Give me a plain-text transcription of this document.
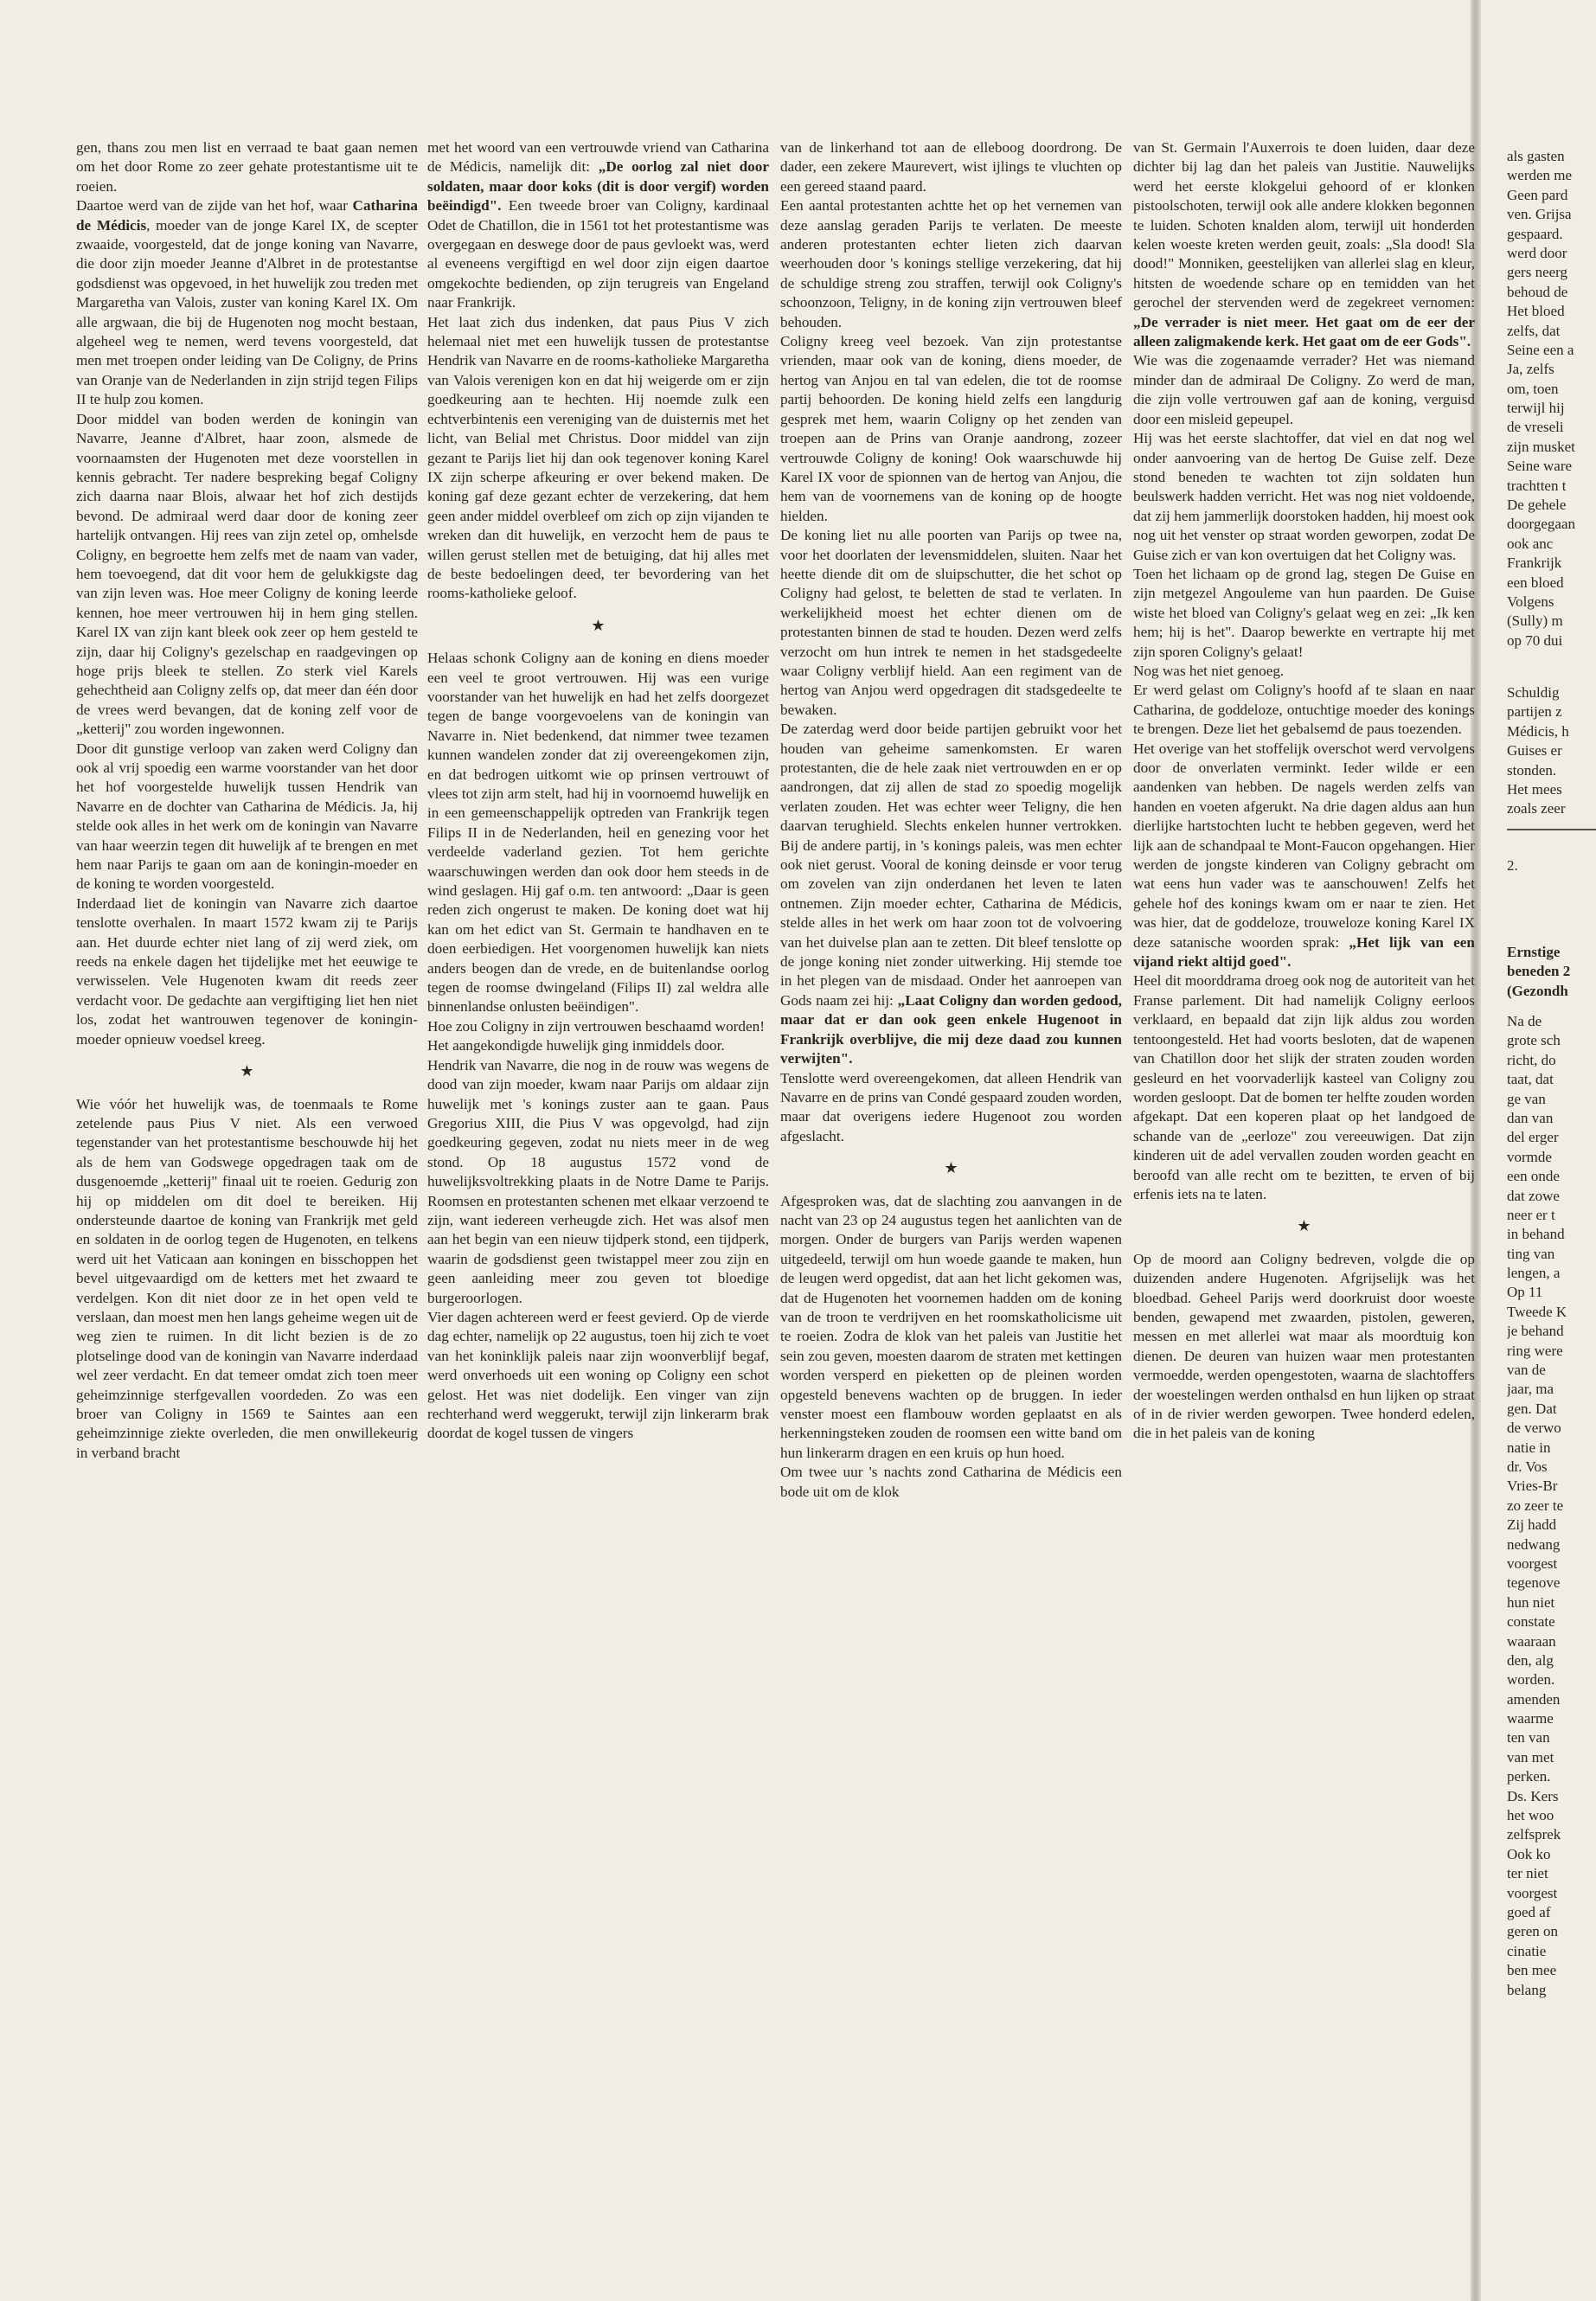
gen, thans zou men list en verraad te baat gaan nemen om het door Rome zo zeer gehate protestantisme uit te roeien.

Daartoe werd van de zijde van het hof, waar Catharina de Médicis, moeder van de jonge Karel IX, de scepter zwaaide, voorgesteld, dat de jonge koning van Navarre, die door zijn moeder Jeanne d'Albret in de protestantse godsdienst was opgevoed, in het huwelijk zou treden met Margaretha van Valois, zuster van koning Karel IX. Om alle argwaan, die bij de Hugenoten nog mocht bestaan, algeheel weg te nemen, werd tevens voorgesteld, dat men met troepen onder leiding van De Coligny, de Prins van Oranje van de Nederlanden in zijn strijd tegen Filips II te hulp zou komen.

Door middel van boden werden de koningin van Navarre, Jeanne d'Albret, haar zoon, alsmede de voornaamsten der Hugenoten met deze voorstellen in kennis gebracht. Ter nadere bespreking begaf Coligny zich daarna naar Blois, alwaar het hof zich destijds bevond. De admiraal werd daar door de koning zeer hartelijk ontvangen. Hij rees van zijn zetel op, omhelsde Coligny, en begroette hem zelfs met de naam van vader, hem toevoegend, dat dit voor hem de gelukkigste dag van zijn leven was. Hoe meer Coligny de koning leerde kennen, hoe meer vertrouwen hij in hem ging stellen. Karel IX van zijn kant bleek ook zeer op hem gesteld te zijn, daar hij Coligny's gezelschap en raadgevingen op hoge prijs bleek te stellen. Zo sterk viel Karels gehechtheid aan Coligny zelfs op, dat meer dan één door de vrees werd bevangen, dat de koning zelf voor de „ketterij" zou worden ingewonnen.

Door dit gunstige verloop van zaken werd Coligny dan ook al vrij spoedig een warme voorstander van het door het hof voorgestelde huwelijk tussen Hendrik van Navarre en de dochter van Catharina de Médicis. Ja, hij stelde ook alles in het werk om de koningin van Navarre van haar weerzin tegen dit huwelijk af te brengen en met hem naar Parijs te gaan om aan de koningin-moeder en de koning te worden voorgesteld.

Inderdaad liet de koningin van Navarre zich daartoe tenslotte overhalen. In maart 1572 kwam zij te Parijs aan. Het duurde echter niet lang of zij werd ziek, om reeds na enkele dagen het tijdelijke met het eeuwige te verwisselen. Vele Hugenoten kwam dit reeds zeer verdacht voor. De gedachte aan vergiftiging liet hen niet los, zodat het wantrouwen tegenover de koningin-moeder opnieuw voedsel kreeg.

★

Wie vóór het huwelijk was, de toenmaals te Rome zetelende paus Pius V niet. Als een verwoed tegenstander van het protestantisme beschouwde hij het als de hem van Godswege opgedragen taak om de dusgenoemde „ketterij" finaal uit te roeien. Gedurig zon hij op middelen om dit doel te bereiken. Hij ondersteunde daartoe de koning van Frankrijk met geld en soldaten in de oorlog tegen de Hugenoten, en telkens werd uit het Vaticaan aan koningen en bisschoppen het bevel uitgevaardigd om de ketters met het zwaard te verdelgen. Kon dit niet door ze in het open veld te verslaan, dan moest men hen langs geheime wegen uit de weg zien te ruimen. In dit licht bezien is de zo plotselinge dood van de koningin van Navarre inderdaad wel zeer verdacht. En dat temeer omdat zich toen meer geheimzinnige sterfgevallen voordeden. Zo was een broer van Coligny in 1569 te Saintes aan een geheimzinnige ziekte overleden, die men onwillekeurig in verband bracht

met het woord van een vertrouwde vriend van Catharina de Médicis, namelijk dit: „De oorlog zal niet door soldaten, maar door koks (dit is door vergif) worden beëindigd". Een tweede broer van Coligny, kardinaal Odet de Chatillon, die in 1561 tot het protestantisme was overgegaan en deswege door de paus gevloekt was, werd al eveneens vergiftigd en wel door zijn eigen daartoe omgekochte bedienden, op zijn terugreis van Engeland naar Frankrijk.

Het laat zich dus indenken, dat paus Pius V zich helemaal niet met een huwelijk tussen de protestantse Hendrik van Navarre en de rooms-katholieke Margaretha van Valois verenigen kon en dat hij weigerde om er zijn goedkeuring aan te hechten. Hij noemde zulk een echtverbintenis een vereniging van de duisternis met het licht, van Belial met Christus. Door middel van zijn gezant te Parijs liet hij dan ook tegenover koning Karel IX zijn scherpe afkeuring er over bekend maken. De koning gaf deze gezant echter de verzekering, dat hem geen ander middel overbleef om zich op zijn vijanden te wreken dan dit huwelijk, en verzocht hem de paus te willen gerust stellen met de betuiging, dat hij alles met de beste bedoelingen deed, ter bevordering van het rooms-katholieke geloof.

★

Helaas schonk Coligny aan de koning en diens moeder een veel te groot vertrouwen. Hij was een vurige voorstander van het huwelijk en had het zelfs doorgezet tegen de bange voorgevoelens van de koningin van Navarre in. Niet bedenkend, dat nimmer twee tezamen kunnen wandelen zonder dat zij overeengekomen zijn, en dat bedrogen uitkomt wie op prinsen vertrouwt of vlees tot zijn arm stelt, had hij in voornoemd huwelijk en in een gemeenschappelijk optreden van Frankrijk tegen Filips II in de Nederlanden, heil en genezing voor het verdeelde vaderland gezien. Tot hem gerichte waarschuwingen werden dan ook door hem steeds in de wind geslagen. Hij gaf o.m. ten antwoord: „Daar is geen reden zich ongerust te maken. De koning doet wat hij kan om het edict van St. Germain te handhaven en te doen eerbiedigen. Het voorgenomen huwelijk kan niets anders beogen dan de vrede, en de buitenlandse oorlog tegen de roomse dwingeland (Filips II) zal weldra alle binnenlandse onlusten beëindigen".

Hoe zou Coligny in zijn vertrouwen beschaamd worden!

Het aangekondigde huwelijk ging inmiddels door.

Hendrik van Navarre, die nog in de rouw was wegens de dood van zijn moeder, kwam naar Parijs om aldaar zijn huwelijk met 's konings zuster aan te gaan. Paus Gregorius XIII, die Pius V was opgevolgd, had zijn goedkeuring gegeven, zodat nu niets meer in de weg stond. Op 18 augustus 1572 vond de huwelijksvoltrekking plaats in de Notre Dame te Parijs. Roomsen en protestanten schenen met elkaar verzoend te zijn, want iedereen verheugde zich. Het was alsof men aan het begin van een nieuw tijdperk stond, een tijdperk, waarin de godsdienst geen twistappel meer zou zijn en geen aanleiding meer zou geven tot bloedige burgeroorlogen.

Vier dagen achtereen werd er feest gevierd. Op de vierde dag echter, namelijk op 22 augustus, toen hij zich te voet van het koninklijk paleis naar zijn woonverblijf begaf, werd onverhoeds uit een woning op Coligny een schot gelost. Het was niet dodelijk. Een vinger van zijn rechterhand werd weggerukt, terwijl zijn linkerarm brak doordat de kogel tussen de vingers

van de linkerhand tot aan de elleboog doordrong. De dader, een zekere Maurevert, wist ijlings te vluchten op een gereed staand paard.

Een aantal protestanten achtte het op het vernemen van deze aanslag geraden Parijs te verlaten. De meeste anderen protestanten echter lieten zich daarvan weerhouden door 's konings stellige verzekering, dat hij de schuldige streng zou straffen, terwijl ook Coligny's schoonzoon, Teligny, in de koning zijn vertrouwen bleef behouden.

Coligny kreeg veel bezoek. Van zijn protestantse vrienden, maar ook van de koning, diens moeder, de hertog van Anjou en tal van edelen, die tot de roomse partij behoorden. De koning hield zelfs een langdurig gesprek met hem, waarin Coligny op het zenden van troepen aan de Prins van Oranje aandrong, zozeer vertrouwde Coligny de koning! Ook waarschuwde hij Karel IX voor de spionnen van de hertog van Anjou, die hem van de voornemens van de koning op de hoogte hielden.

De koning liet nu alle poorten van Parijs op twee na, voor het doorlaten der levensmiddelen, sluiten. Naar het heette diende dit om de sluipschutter, die het schot op Coligny had gelost, te beletten de stad te verlaten. In werkelijkheid moest het echter dienen om de protestanten binnen de stad te houden. Dezen werd zelfs verzocht om hun intrek te nemen in het stadsgedeelte waar Coligny verblijf hield. Aan een regiment van de hertog van Anjou werd opgedragen dit stadsgedeelte te bewaken.

De zaterdag werd door beide partijen gebruikt voor het houden van geheime samenkomsten. Er waren protestanten, die de hele zaak niet vertrouwden en er op aandrongen, dat zij allen de stad zo spoedig mogelijk verlaten zouden. Het was echter weer Teligny, die hen daarvan terughield. Slechts enkelen hunner vertrokken. Bij de andere partij, in 's konings paleis, was men echter ook niet gerust. Vooral de koning deinsde er voor terug om zovelen van zijn onderdanen het leven te laten ontnemen. Zijn moeder echter, Catharina de Médicis, stelde alles in het werk om haar zoon tot de volvoering van het duivelse plan aan te zetten. Dit bleef tenslotte op de jonge koning niet zonder uitwerking. Hij stemde toe in het plegen van de misdaad. Onder het aanroepen van Gods naam zei hij: „Laat Coligny dan worden gedood, maar dat er dan ook geen enkele Hugenoot in Frankrijk overblijve, die mij deze daad zou kunnen verwijten".

Tenslotte werd overeengekomen, dat alleen Hendrik van Navarre en de prins van Condé gespaard zouden worden, maar dat overigens iedere Hugenoot zou worden afgeslacht.

★

Afgesproken was, dat de slachting zou aanvangen in de nacht van 23 op 24 augustus tegen het aanlichten van de morgen. Onder de burgers van Parijs werden wapenen uitgedeeld, terwijl om hun woede gaande te maken, hun de leugen werd opgedist, dat aan het licht gekomen was, dat de Hugenoten het voornemen hadden om de koning van de troon te verdrijven en het roomskatholicisme uit te roeien. Zodra de klok van het paleis van Justitie het sein zou geven, moesten daarom de straten met kettingen worden versperd en pieketten op de pleinen worden opgesteld benevens wachten op de bruggen. In ieder venster moest een flambouw worden geplaatst en als herkenningsteken zouden de roomsen een witte band om hun linkerarm dragen en een kruis op hun hoed.

Om twee uur 's nachts zond Catharina de Médicis een bode uit om de klok

van St. Germain l'Auxerrois te doen luiden, daar deze dichter bij lag dan het paleis van Justitie. Nauwelijks werd het eerste klokgelui gehoord of er klonken pistoolschoten, terwijl ook alle andere klokken begonnen te luiden. Schoten knalden alom, terwijl uit honderden kelen woeste kreten werden geuit, zoals: „Sla dood! Sla dood!" Monniken, geestelijken van allerlei slag en kleur, hitsten de woedende schare op en temidden van het gerochel der stervenden werd de zegekreet vernomen: „De verrader is niet meer. Het gaat om de eer der alleen zaligmakende kerk. Het gaat om de eer Gods".

Wie was die zogenaamde verrader? Het was niemand minder dan de admiraal De Coligny. Zo werd de man, die zijn volle vertrouwen gaf aan de koning, verguisd door een misleid gepeupel.

Hij was het eerste slachtoffer, dat viel en dat nog wel onder aanvoering van de hertog De Guise zelf. Deze stond beneden te wachten tot zijn soldaten hun beulswerk hadden verricht. Het was nog niet voldoende, dat zij hem jammerlijk doorstoken hadden, hij moest ook nog uit het venster op straat worden geworpen, zodat De Guise zich er van kon overtuigen dat het Coligny was.

Toen het lichaam op de grond lag, stegen De Guise en zijn metgezel Angouleme van hun paarden. De Guise wiste het bloed van Coligny's gelaat weg en zei: „Ik ken hem; hij is het". Daarop bewerkte en vertrapte hij met zijn sporen Coligny's gelaat!

Nog was het niet genoeg.

Er werd gelast om Coligny's hoofd af te slaan en naar Catharina, de goddeloze, ontuchtige moeder des konings te brengen. Deze liet het gebalsemd de paus toezenden.

Het overige van het stoffelijk overschot werd vervolgens door de onverlaten verminkt. Ieder wilde er een aandenken van hebben. De nagels werden zelfs van handen en voeten afgerukt. Na drie dagen aldus aan hun dierlijke hartstochten lucht te hebben gegeven, werd het lijk aan de schandpaal te Mont-Faucon opgehangen. Hier werden de jongste kinderen van Coligny gebracht om wat eens hun vader was te aanschouwen! Zelfs het gehele hof des konings kwam om er naar te zien. Het was hier, dat de goddeloze, trouweloze koning Karel IX deze satanische woorden sprak: „Het lijk van een vijand riekt altijd goed".

Heel dit moorddrama droeg ook nog de autoriteit van het Franse parlement. Dit had namelijk Coligny eerloos verklaard, en bepaald dat zijn lijk aldus zou worden tentoongesteld. Het had voorts besloten, dat de wapenen van Chatillon door het slijk der straten zouden worden gesleurd en het voorvaderlijk kasteel van Coligny zou worden gesloopt. Dat de bomen ter helfte zouden worden afgekapt. Dat een koperen plaat op het landgoed de schande van de „eerloze" zou vereeuwigen. Dat zijn kinderen uit de adel vervallen zouden worden geacht en beroofd van alle recht om te bezitten, te erven of bij erfenis iets na te laten.

★

Op de moord aan Coligny bedreven, volgde die op duizenden andere Hugenoten. Afgrijselijk was het bloedbad. Geheel Parijs werd doorkruist door woeste benden, gewapend met zwaarden, pistolen, geweren, messen en met allerlei wat maar als moordtuig kon dienen. De deuren van huizen waar men protestanten vermoedde, werden opengestoten, waarna de slachtoffers der woestelingen werden onthalsd en hun lijken op straat of in de rivier werden geworpen. Twee honderd edelen, die in het paleis van de koning

als gasten
werden me
Geen pard
ven. Grijsa
gespaard.
werd door
gers neerg
behoud de
Het bloed
zelfs, dat
Seine een a
Ja, zelfs
om, toen
terwijl hij
de vreseli
zijn musket
Seine ware
trachtten t
De gehele
doorgegaan
ook anc
Frankrijk
een bloed
Volgens
(Sully) m
op 70 dui
Schuldig
partijen z
Médicis, h
Guises er
stonden.
Het mees
zoals zeer
2.
Ernstige
beneden 2
(Gezondh
Na de
grote sch
richt, do
taat, dat
ge van
dan van
del erger
vormde
een onde
dat zowe
neer er t
in behand
ting van
lengen, a
Op 11
Tweede K
je behand
ring were
van de
jaar, ma
gen. Dat
de verwo
natie in
dr. Vos
Vries-Br
zo zeer te
Zij hadd
nedwang
voorgest
tegenove
hun niet
constate
waaraan
den, alg
worden.
amenden
waarme
ten van
van met
perken.
Ds. Kers
het woo
zelfsprek
Ook ko
ter niet
voorgest
goed af
geren on
cinatie
ben mee
belang
